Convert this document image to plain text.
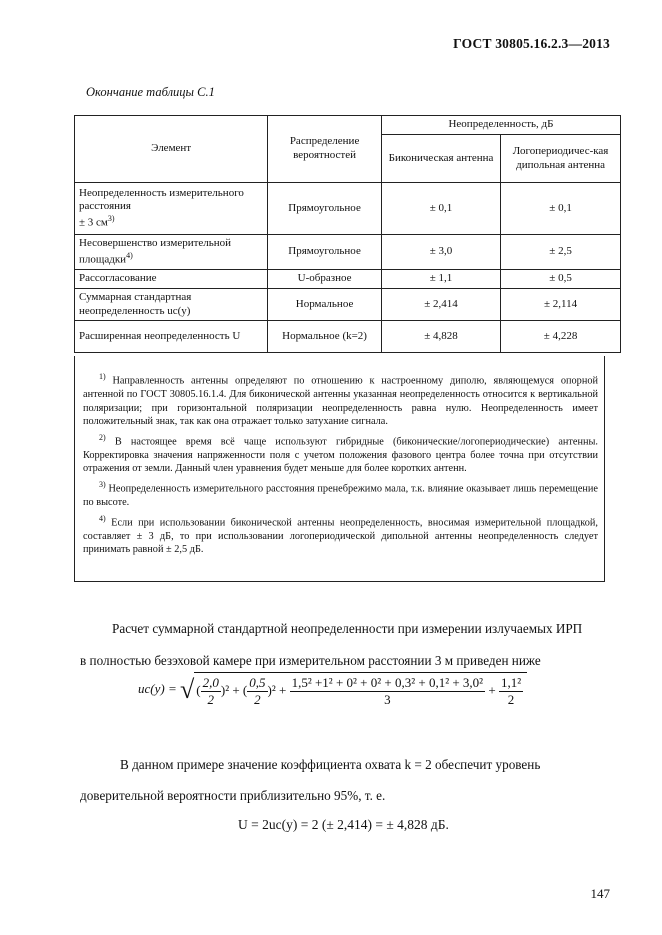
ГОСТ 30805.16.2.3—2013
Окончание таблицы С.1
Элемент	Распределение вероятностей	Неопределенность, дБ	
		Биконическая антенна	Логопериодичес-кая дипольная антенна
Неопределенность измерительного расстояния
± 3 $см^{3)}$	Прямоугольное	± 0,1	± 0,1
Несовершенство измерительной площадки$^{4)}$	Прямоугольное	± 3,0	± 2,5
Рассогласование	U-образное	± 1,1	± 0,5
Суммарная стандартная неопределенность uc(y)	Нормальное	± 2,414	± 2,114
Расширенная неопределенность U	Нормальное (k=2)	± 4,828	± 4,228

$^{1)}$ Направленность антенны определяют по отношению к настроенному диполю, являющемуся опорной антенной по ГОСТ 30805.16.1.4. Для биконической антенны указанная неопределенность относится к вертикальной поляризации; при горизонтальной поляризации неопределенность равна нулю. Неопределенность имеет положительный знак, так как она отражает только затухание сигнала.

$^{2)}$ В настоящее время всё чаще используют гибридные (биконические/логопериодические) антенны. Корректировка значения напряженности поля с учетом положения фазового центра более точна при отсутствии отражения от земли. Данный член уравнения будет меньше для более коротких антенн.

$^{3)}$ Неопределенность измерительного расстояния пренебрежимо мала, т.к. влияние оказывает лишь перемещение по высоте.

$^{4)}$ Если при использовании биконической антенны неопределенность, вносимая измерительной площадкой, составляет ± 3 дБ, то при использовании логопериодической дипольной антенны неопределенность следует принимать равной ± 2,5 дБ.

Расчет суммарной стандартной неопределенности при измерении излучаемых ИРП
в полностью безэховой камере при измерительном расстоянии 3 м приведен ниже
uc(y) = √( $\frac{2,0}{2} )^2$ + ( $\frac{0,5}{2} )^2 + \frac{\text{1,5² +1² + 0² + 0² + 0,3² + 0,1² + 3,0²}}{3} + \frac{\text{1,1²}}{2}$
В данном примере значение коэффициента охвата k = 2 обеспечит уровень
доверительной вероятности приблизительно 95%, т. е.
U = 2uc(y) = 2 (± 2,414) = ± 4,828 дБ.
147
